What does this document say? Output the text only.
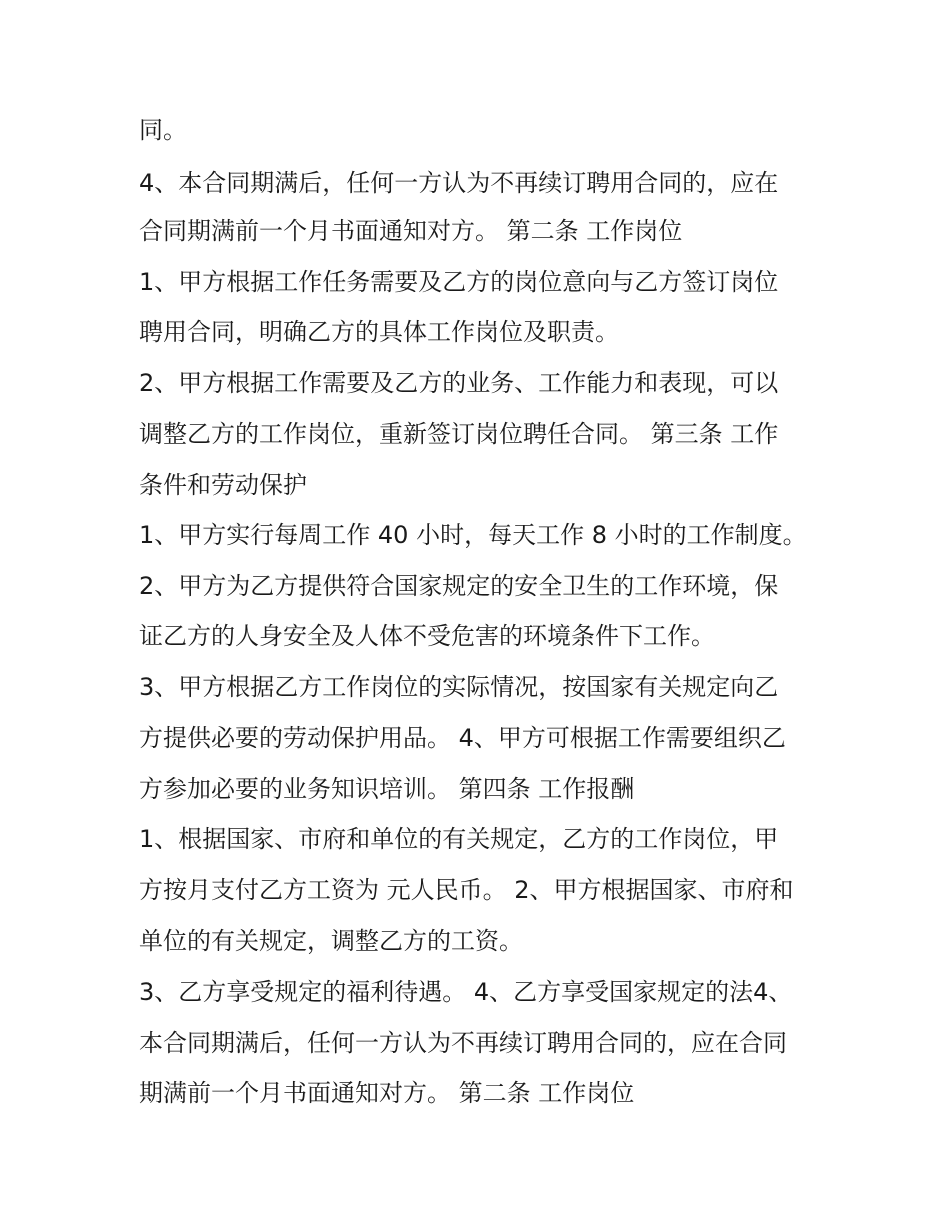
同。
4、本合同期满后，任何一方认为不再续订聘用合同的，应在
合同期满前一个月书面通知对方。 第二条 工作岗位
1、甲方根据工作任务需要及乙方的岗位意向与乙方签订岗位
聘用合同，明确乙方的具体工作岗位及职责。
2、甲方根据工作需要及乙方的业务、工作能力和表现，可以
调整乙方的工作岗位，重新签订岗位聘任合同。 第三条 工作
条件和劳动保护
1、甲方实行每周工作 40 小时，每天工作 8 小时的工作制度。
2、甲方为乙方提供符合国家规定的安全卫生的工作环境，保
证乙方的人身安全及人体不受危害的环境条件下工作。
3、甲方根据乙方工作岗位的实际情况，按国家有关规定向乙
方提供必要的劳动保护用品。 4、甲方可根据工作需要组织乙
方参加必要的业务知识培训。 第四条 工作报酬
1、根据国家、市府和单位的有关规定，乙方的工作岗位，甲
方按月支付乙方工资为 元人民币。 2、甲方根据国家、市府和
单位的有关规定，调整乙方的工资。
3、乙方享受规定的福利待遇。 4、乙方享受国家规定的法4、
本合同期满后，任何一方认为不再续订聘用合同的，应在合同
期满前一个月书面通知对方。 第二条 工作岗位
